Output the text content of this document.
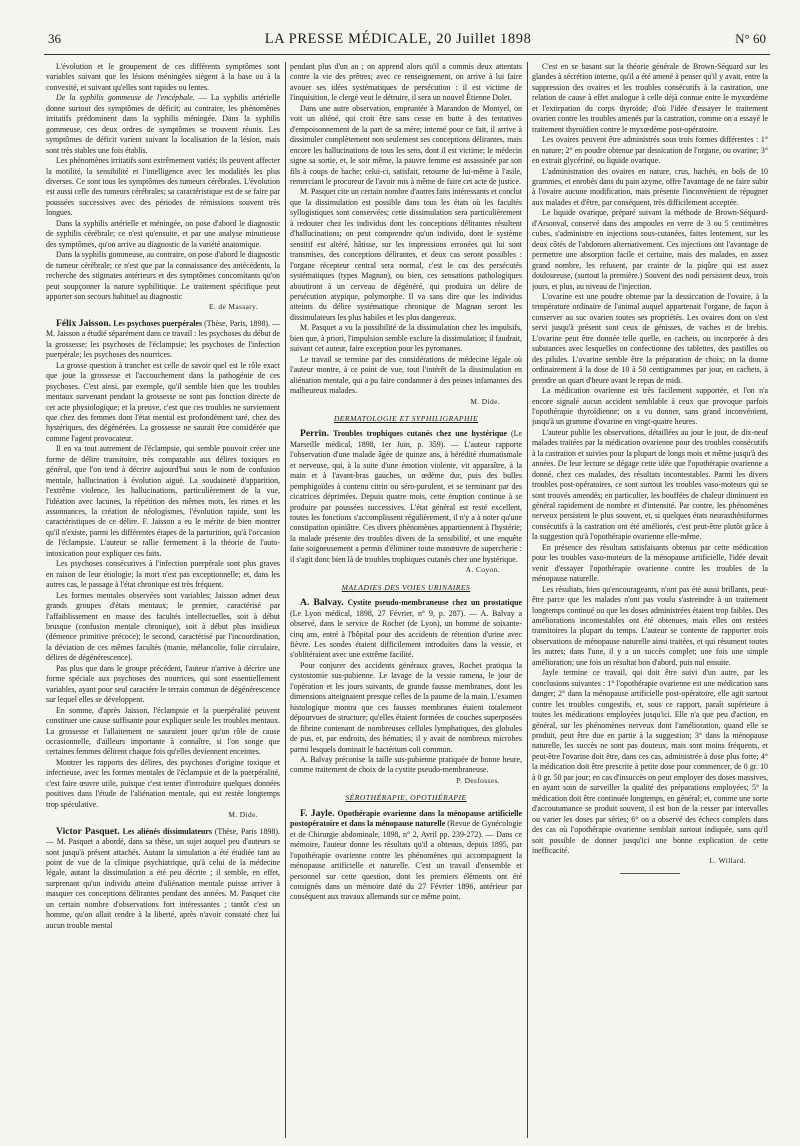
36	LA PRESSE MÉDICALE, 20 Juillet 1898	N° 60

L'évolution et le groupement de ces différents symptômes sont variables suivant que les lésions méningées siègent à la base ou à la convexité, et suivant qu'elles sont rapides ou lentes.

De la syphilis gommeuse de l'encéphale. — La syphilis artérielle donne surtout des symptômes de déficit; au contraire, les phénomènes irritatifs prédominent dans la syphilis méningée. Dans la syphilis gommeuse, ces deux ordres de symptômes se trouvent réunis. Les symptômes de déficit varient suivant la localisation de la lésion, mais sont très stables une fois établis.

Les phénomènes irritatifs sont extrêmement variés; ils peuvent affecter la motilité, la sensibilité et l'intelligence avec les modalités les plus diverses. Ce sont tous les symptômes des tumeurs cérébrales. L'évolution est aussi celle des tumeurs cérébrales; sa caractéristique est de se faire par poussées successives avec des périodes de rémissions souvent très longues.

Dans la syphilis artérielle et méningée, on pose d'abord le diagnostic de syphilis cérébrale; ce n'est qu'ensuite, et par une analyse minutieuse des symptômes, qu'on arrive au diagnostic de la variété anatomique.

Dans la syphilis gommeuse, au contraire, on pose d'abord le diagnostic de tumeur cérébrale; ce n'est que par la connaissance des antécédents, la recherche des stigmates antérieurs et des symptômes concomitants qu'on peut soupçonner la nature syphilitique. Le traitement spécifique peut apporter son secours habituel au diagnostic

E. de Massary.

Félix Jaisson. Les psychoses puerpérales (Thèse, Paris, 1898). — M. Jaisson a étudié séparément dans ce travail : les psychoses du début de la grossesse; les psychoses de l'éclampsie; les psychoses de l'infection puerpérale; les psychoses des nourrices.

La grosse question à trancher est celle de savoir quel est le rôle exact que joue la grossesse et l'accouchement dans la pathogénie de ces psychoses. C'est ainsi, par exemple, qu'il semble bien que les troubles mentaux survenant pendant la grossesse ne sont pas fonction directe de cet acte physiologique; et la preuve, c'est que ces troubles ne surviennent que chez des femmes dont l'état mental est profondément taré, chez des hystériques, des dégénérées. La grossesse ne saurait être considérée que comme l'agent provocateur.

Il en va tout autrement de l'éclampsie, qui semble pouvoir créer une forme de délire transitoire, très comparable aux délires toxiques en général, que l'on tend à décrire aujourd'hui sous le nom de confusion mentale, hallucination à évolution aiguë. La soudaineté d'apparition, l'extrême violence, les hallucinations, particulièrement de la vue, l'idéation avec lacunes, la répétition des mêmes mots, les rimes et les assonnances, la création de néologismes, l'évolution rapide, sont les caractéristiques de ce délire. F. Jaisson a eu le mérite de bien montrer qu'il n'existe, parmi les différentes étapes de la parturition, qu'à l'occasion de l'éclampsie. L'auteur se rallie fermement à la théorie de l'auto-intoxication pour expliquer ces faits.

Les psychoses consécutives à l'infection puerpérale sont plus graves en raison de leur étiologie; la mort n'est pas exceptionnelle; et, dans les autres cas, le passage à l'état chronique est très fréquent.

Les formes mentales observées sont variables; Jaisson admet deux grands groupes d'états mentaux; le premier, caractérisé par l'affaiblissement en masse des facultés intellectuelles, soit à début brusque (confusion mentale chronique), soit à début plus insidieux (démence primitive précoce); le second, caractérisé par l'incoordination, la déviation de ces mêmes facultés (manie, mélancolie, folie circulaire, délires de dégénérescence).

Pas plus que dans le groupe précédent, l'auteur n'arrive à décrire une forme spéciale aux psychoses des nourrices, qui sont essentiellement variables, ayant pour seul caractère le terrain commun de dégénérescence sur lequel elles se développent.

En somme, d'après Jaisson, l'éclampsie et la puerpéralité peuvent constituer une cause suffisante pour expliquer seule les troubles mentaux. La grossesse et l'allaitement ne sauraient jouer qu'un rôle de cause occasionnelle, d'ailleurs importante à connaître, si l'on songe que certaines femmes délirent chaque fois qu'elles deviennent enceintes.

Montrer les rapports des délires, des psychoses d'origine toxique et infectieuse, avec les formes mentales de l'éclampsie et de la puerpéralité, c'est faire œuvre utile, puisque c'est tenter d'introduire quelques données positives dans l'étude de l'aliénation mentale, qui est restée longtemps trop spéculative.

M. Dide.

Victor Pasquet. Les aliénés dissimulateurs (Thèse, Paris 1898). — M. Pasquet a abordé, dans sa thèse, un sujet auquel peu d'auteurs se sont jusqu'à présent attachés. Autant la simulation a été étudiée tant au point de vue de la clinique psychiatrique, qu'à celui de la médecine légale, autant la dissimulation a été peu décrite ; il semble, en effet, surprenant qu'un individu atteint d'aliénation mentale puisse arriver à masquer ces conceptions délirantes pendant des années. M. Pasquet cite un certain nombre d'observations fort intéressantes ; tantôt c'est un homme, qu'on allait rendre à la liberté, après n'avoir constaté chez lui aucun trouble mental

pendant plus d'un an ; on apprend alors qu'il a commis deux attentats contre la vie des prêtres; avec ce renseignement, on arrive à lui faire avouer ses idées systématiques de persécution : il est victime de l'inquisition, le clergé veut le détruire, il sera un nouvel Étienne Dolet.

Dans une autre observation, empruntée à Marandon de Montyel, on voit un aliéné, qui croit être sans cesse en butte à des tentatives d'empoisonnement de la part de sa mère; interné pour ce fait, il arrive à dissimuler complètement non seulement ses conceptions délirantes, mais encore les hallucinations de tous les sens, dont il est victime; le médecin signe sa sortie, et, le soir même, la pauvre femme est assassinée par son fils à coups de hache; celui-ci, satisfait, retourne de lui-même à l'asile, remerciant le procureur de l'avoir mis à même de faire cet acte de justice.

M. Pasquet cite un certain nombre d'autres faits intéressants et conclut que la dissimulation est possible dans tous les états où les facultés syllogistiques sont conservées; cette dissimulation sera particulièrement à redouter chez les individus dont les conceptions délirantes résultent d'hallucinations; on peut comprendre qu'un individu, dont le système sensitif est altéré, hâtisse, sur les impressions erronées qui lui sont transmises, des conceptions délirantes, et deux cas seront possibles : l'organe récepteur central sera normal, c'est le cas des persécutés systématiques (types Magnan), ou bien, ces sensations pathologiques aboutiront à un cerveau de dégénéré, qui produira un délire de persécution atypique, polymorphe. Il va sans dire que les individus atteints du délire systématique chronique de Magnan seront les dissimulateurs les plus habiles et les plus dangereux.

M. Pasquet a vu la possibilité de la dissimulation chez les impulsifs, bien que, à priori, l'impulsion semble exclure la dissimulation; il faudrait, suivant cet auteur, faire exception pour les pyromanes.

Le travail se termine par des considérations de médecine légale où l'auteur montre, à ce point de vue, tout l'intérêt de la dissimulation en aliénation mentale, qui a pu faire condamner à des peines infamantes des malheureux malades.

M. Dide.
DERMATOLOGIE ET SYPHILIGRAPHIE

Perrin. Troubles trophiques cutanés chez une hystérique (Le Marseille médical, 1898, 1er Juin, p. 359). — L'auteur rapporte l'observation d'une malade âgée de quinze ans, à hérédité rhumatismale et nerveuse, qui, à la suite d'une émotion violente, vit apparaître, à la main et à l'avant-bras gauches, un œdème dur, puis des bulles pemphigoïdes à contenu citrin ou séro-purulent, et se terminant par des cicatrices déprimées. Depuis quatre mois, cette éruption continue à se produire par poussées successives. L'état général est resté excellent, toutes les fonctions s'accomplissent régulièrement, il n'y a à noter qu'une constipation opiniâtre. Ces divers phénomènes appartiennent à l'hystérie; la malade présente des troubles divers de la sensibilité, et une enquête faite soigneusement a permis d'éliminer toute manœuvre de supercherie : il s'agit donc bien là de troubles trophiques cutanés chez une hystérique.

A. Coyon.
MALADIES DES VOIES URINAIRES

A. Balvay. Cystite pseudo-membraneuse chez un prostatique (Le Lyon médical, 1898, 27 Février, n° 9, p. 287). — A. Balvay a observé, dans le service de Rochet (de Lyon), un homme de soixante-cinq ans, entré à l'hôpital pour des accidents de rétention d'urine avec fièvre. Les sondes étaient difficilement introduites dans la vessie, et s'oblitéraient avec une extrême facilité.

Pour conjurer des accidents généraux graves, Rochet pratiqua la cystostomie sus-pubienne. Le lavage de la vessie ramena, le jour de l'opération et les jours suivants, de grande fausse membranes, dont les dimensions atteignaient presque celles de la paume de la main. L'examen histologique montra que ces fausses membranes étaient totalement dépourvues de structure; qu'elles étaient formées de couches superposées de fibrine contenant de nombreuses cellules lymphatiques, des globules de pus, et, par endroits, des hématies; il y avait de nombreux microbes parmi lesquels dominait le bactérium coli commun.

A. Balvay préconise la taille sus-pubienne pratiquée de bonne heure, comme traitement de choix de la cystite pseudo-membraneuse.

P. Desfosses.
SÉROTHÉRAPIE, OPOTHÉRAPIE

F. Jayle. Opothérapie ovarienne dans la ménopause artificielle postopératoire et dans la ménopause naturelle (Revue de Gynécologie et de Chirurgie abdominale, 1898, n° 2, Avril pp. 239-272). — Dans ce mémoire, l'auteur donne les résultats qu'il a obtenus, depuis 1895, par l'opothérapie ovarienne contre les phénomènes qui accompagnent la ménopause artificielle et naturelle. C'est un travail d'ensemble et personnel sur cette question, dont les premiers éléments ont été consignés dans un mémoire daté du 27 Février 1896, antérieur par conséquent aux travaux allemands sur ce même point.

C'est en se basant sur la théorie générale de Brown-Séquard sur les glandes à sécrétion interne, qu'il a été amené à penser qu'il y avait, entre la suppression des ovaires et les troubles consécutifs à la castration, une relation de cause à effet analogue à celle déjà connue entre le myxœdème et l'extirpation du corps thyroïde; d'où l'idée d'essayer le traitement ovarien contre les troubles amenés par la castration, comme on a essayé le traitement thyroïdien contre le myxœdème post-opératoire.

Les ovaires peuvent être administrés sous trois formes différentes : 1° en nature; 2° en poudre obtenue par dessication de l'organe, ou ovarine; 3° en extrait glycériné, ou liquide ovarique.

L'administration des ovaires en nature, crus, hachés, en bols de 10 grammes, et enrobés dans du pain azyme, offre l'avantage de ne faire subir à l'ovaire aucune modification, mais présente l'inconvénient de répugner aux malades et d'être, par conséquent, très difficilement acceptée.

Le liquide ovarique, préparé suivant la méthode de Brown-Séquard-d'Arsonval, conservé dans des ampoules en verre de 3 ou 5 centimètres cubes, s'administre en injections sous-cutanées, faites lentement, sur les deux côtés de l'abdomen alternativement. Ces injections ont l'avantage de permettre une absorption facile et certaine, mais des malades, en assez grand nombre, les refusent, par crainte de la piqûre qui est assez douloureuse, (surtout la première.) Souvent des nodi persistent deux, trois jours, et plus, au niveau de l'injection.

L'ovarine est une poudre obtenue par la dessiccation de l'ovaire, à la température ordinaire de l'animal auquel appartenait l'organe, de façon à conserver au suc ovarien toutes ses propriétés. Les ovaires dont on s'est servi jusqu'à présent sont ceux de génisses, de vaches et de brebis. L'ovarine peut être donnée telle quelle, en cachets, ou incorporée à des substances avec lesquelles on confectionne des tablettes, des pastilles ou des pilules. L'ovarine semble être la préparation de choix; on la donne ordinairement à la dose de 10 à 50 centigrammes par jour, en cachets, à prendre un quart d'heure avant le repas de midi.

La médication ovarienne est très facilement supportée, et l'on n'a encore signalé aucun accident semblable à ceux que provoque parfois l'opothérapie thyroïdienne; on a vu donner, sans grand inconvénient, jusqu'à un gramme d'ovarine en vingt-quatre heures.

L'auteur publie les observations, détaillées au jour le jour, de dix-neuf malades traitées par la médication ovarienne pour des troubles consécutifs à la castration et suivies pour la plupart de longs mois et même jusqu'à des années. De leur lecture se dégage cette idée que l'opothérapie ovarienne a donné, chez ces malades, des résultats incontestables. Parmi les divers troubles post-opératoires, ce sont surtout les troubles vaso-moteurs qui se sont trouvés amendés; en particulier, les bouffées de chaleur diminuent en général rapidement de nombre et d'intensité. Par contre, les phénomènes nerveux persistent le plus souvent, et, si quelques états neurasthéniformes consécutifs à la castration ont été améliorés, c'est peut-être plutôt grâce à la suggestion qu'à l'opothérapie ovarienne elle-même.

En présence des résultats satisfaisants obtenus par cette médication pour les troubles vaso-moteurs de la ménopause artificielle, l'idée devait venir d'essayer l'opothérapie ovarienne contre les troubles de la ménopause naturelle.

Les résultats, bien qu'encourageants, n'ont pas été aussi brillants, peut-être parce que les malades n'ont pas voulu s'astreindre à un traitement longtemps continué ou que les doses administrées étaient trop faibles. Des améliorations incontestables ont été obtenues, mais elles ont restées transitoires la plupart du temps. L'auteur se contente de rapporter trois observations de ménopause naturelle ainsi traitées, et qui résument toutes les autres; dans l'une, il y a un succès complet; une fois une simple amélioration; une fois un résultat bon d'abord, puis nul ensuite.

Jayle termine ce travail, qui doit être suivi d'un autre, par les conclusions suivantes : 1° l'opothérapie ovarienne est une médication sans danger; 2° dans la ménopause artificielle post-opératoire, elle agit surtout contre les troubles congestifs, et, sous ce rapport, paraît supérieure à toutes les médications employées jusqu'ici. Elle n'a que peu d'action, en général, sur les phénomènes nerveux dont l'amélioration, quand elle se produit, peut être due en partie à la suggestion; 3° dans la ménopause naturelle, les succès ne sont pas douteux, mais sont moins fréquents, et peut-être l'ovarine doit être, dans ces cas, administrée à dose plus forte; 4° la médication doit être prescrite à petite dose pour commencer, de 0 gr. 10 à 0 gr. 50 par jour; en cas d'insuccès on peut employer des doses massives, en ayant soin de surveiller la qualité des préparations employées; 5° la médication doit être continuée longtemps, en général; et, comme une sorte d'accoutumance se produit souvent, il est bon de la cesser par intervalles ou varier les doses par séries; 6° on a observé des échecs complets dans des cas où l'opothérapie ovarienne semblait surtout indiquée, sans qu'il soit possible de donner jusqu'ici une bonne explication de cette inefficacité.

L. Willard.
